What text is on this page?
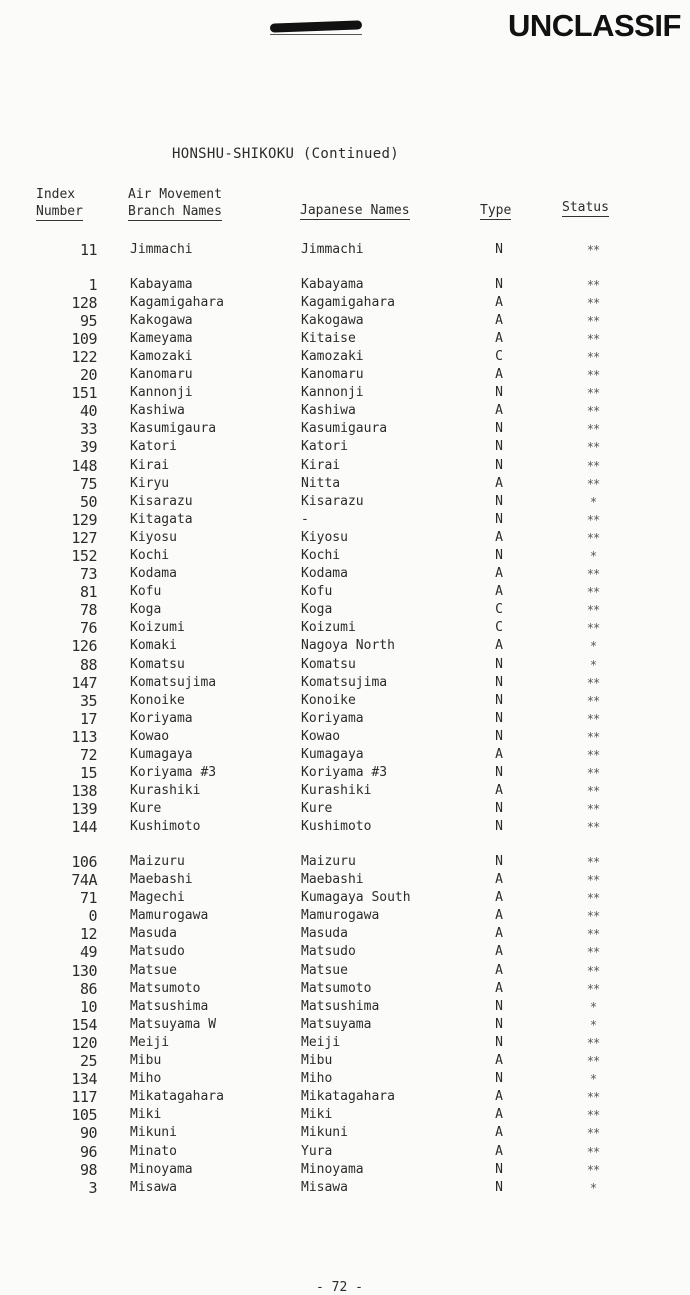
UNCLASSIF
HONSHU-SHIKOKU (Continued)
Index
Number
Air Movement
Branch Names	Japanese Names	Type	Status
11	Jimmachi	Jimmachi	N	**
1	Kabayama	Kabayama	N	**
128	Kagamigahara	Kagamigahara	A	**
95	Kakogawa	Kakogawa	A	**
109	Kameyama	Kitaise	A	**
122	Kamozaki	Kamozaki	C	**
20	Kanomaru	Kanomaru	A	**
151	Kannonji	Kannonji	N	**
40	Kashiwa	Kashiwa	A	**
33	Kasumigaura	Kasumigaura	N	**
39	Katori	Katori	N	**
148	Kirai	Kirai	N	**
75	Kiryu	Nitta	A	**
50	Kisarazu	Kisarazu	N	*
129	Kitagata	-	N	**
127	Kiyosu	Kiyosu	A	**
152	Kochi	Kochi	N	*
73	Kodama	Kodama	A	**
81	Kofu	Kofu	A	**
78	Koga	Koga	C	**
76	Koizumi	Koizumi	C	**
126	Komaki	Nagoya North	A	*
88	Komatsu	Komatsu	N	*
147	Komatsujima	Komatsujima	N	**
35	Konoike	Konoike	N	**
17	Koriyama	Koriyama	N	**
113	Kowao	Kowao	N	**
72	Kumagaya	Kumagaya	A	**
15	Koriyama #3	Koriyama #3	N	**
138	Kurashiki	Kurashiki	A	**
139	Kure	Kure	N	**
144	Kushimoto	Kushimoto	N	**
106	Maizuru	Maizuru	N	**
74A	Maebashi	Maebashi	A	**
71	Magechi	Kumagaya South	A	**
0	Mamurogawa	Mamurogawa	A	**
12	Masuda	Masuda	A	**
49	Matsudo	Matsudo	A	**
130	Matsue	Matsue	A	**
86	Matsumoto	Matsumoto	A	**
10	Matsushima	Matsushima	N	*
154	Matsuyama W	Matsuyama	N	*
120	Meiji	Meiji	N	**
25	Mibu	Mibu	A	**
134	Miho	Miho	N	*
117	Mikatagahara	Mikatagahara	A	**
105	Miki	Miki	A	**
90	Mikuni	Mikuni	A	**
96	Minato	Yura	A	**
98	Minoyama	Minoyama	N	**
3	Misawa	Misawa	N	*
- 72 -
